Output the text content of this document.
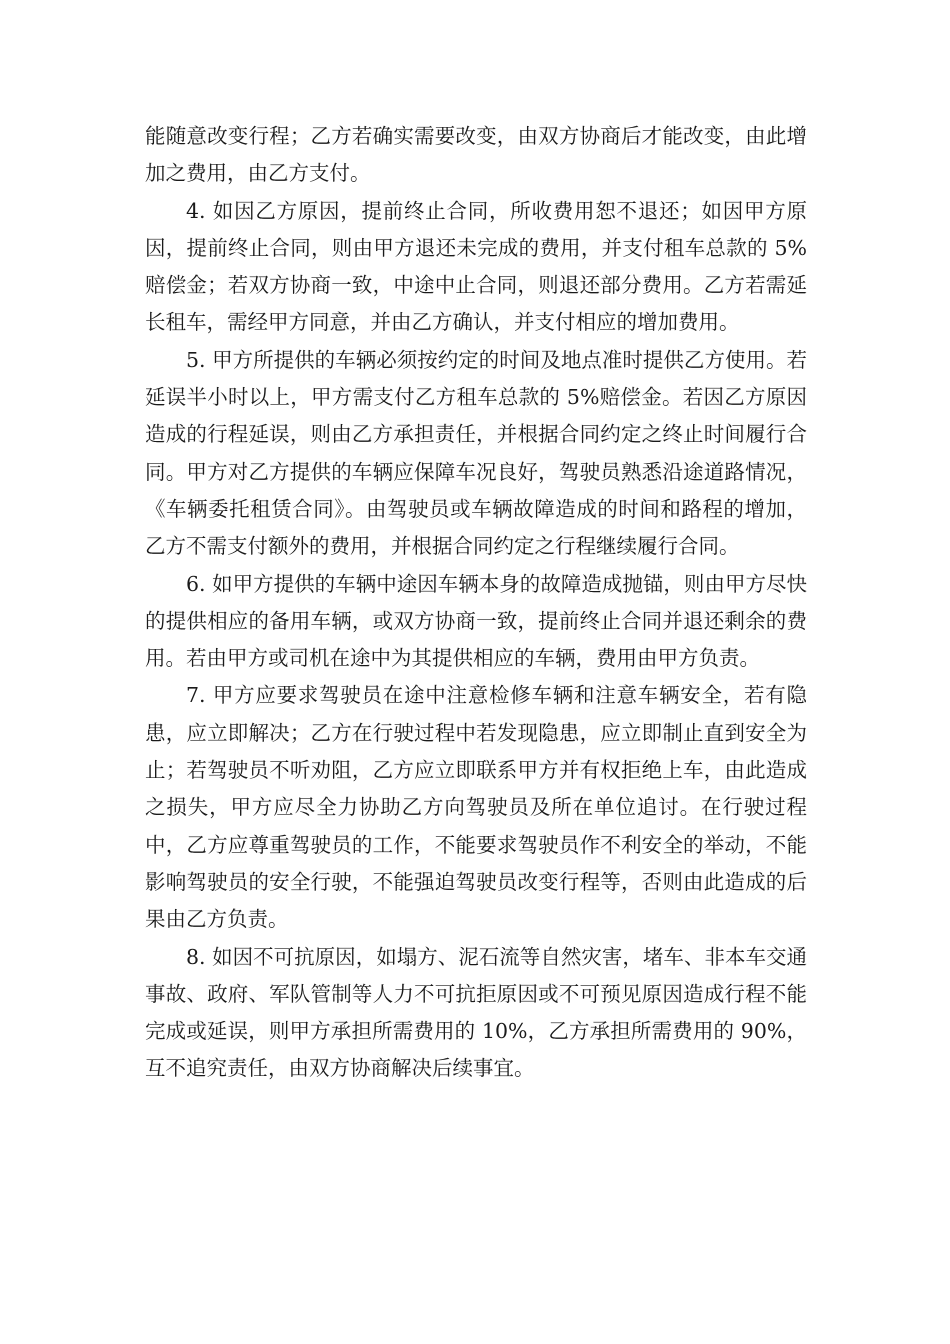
能随意改变行程；乙方若确实需要改变，由双方协商后才能改变，由此增加之费用，由乙方支付。

4. 如因乙方原因，提前终止合同，所收费用恕不退还；如因甲方原因，提前终止合同，则由甲方退还未完成的费用，并支付租车总款的 5%赔偿金；若双方协商一致，中途中止合同，则退还部分费用。乙方若需延长租车，需经甲方同意，并由乙方确认，并支付相应的增加费用。

5. 甲方所提供的车辆必须按约定的时间及地点准时提供乙方使用。若延误半小时以上，甲方需支付乙方租车总款的 5%赔偿金。若因乙方原因造成的行程延误，则由乙方承担责任，并根据合同约定之终止时间履行合同。甲方对乙方提供的车辆应保障车况良好，驾驶员熟悉沿途道路情况，《车辆委托租赁合同》。由驾驶员或车辆故障造成的时间和路程的增加，乙方不需支付额外的费用，并根据合同约定之行程继续履行合同。

6. 如甲方提供的车辆中途因车辆本身的故障造成抛锚，则由甲方尽快的提供相应的备用车辆，或双方协商一致，提前终止合同并退还剩余的费用。若由甲方或司机在途中为其提供相应的车辆，费用由甲方负责。

7. 甲方应要求驾驶员在途中注意检修车辆和注意车辆安全，若有隐患，应立即解决；乙方在行驶过程中若发现隐患，应立即制止直到安全为止；若驾驶员不听劝阻，乙方应立即联系甲方并有权拒绝上车，由此造成之损失，甲方应尽全力协助乙方向驾驶员及所在单位追讨。在行驶过程中，乙方应尊重驾驶员的工作，不能要求驾驶员作不利安全的举动，不能影响驾驶员的安全行驶，不能强迫驾驶员改变行程等，否则由此造成的后果由乙方负责。

8. 如因不可抗原因，如塌方、泥石流等自然灾害，堵车、非本车交通事故、政府、军队管制等人力不可抗拒原因或不可预见原因造成行程不能完成或延误，则甲方承担所需费用的 10%，乙方承担所需费用的 90%，互不追究责任，由双方协商解决后续事宜。
